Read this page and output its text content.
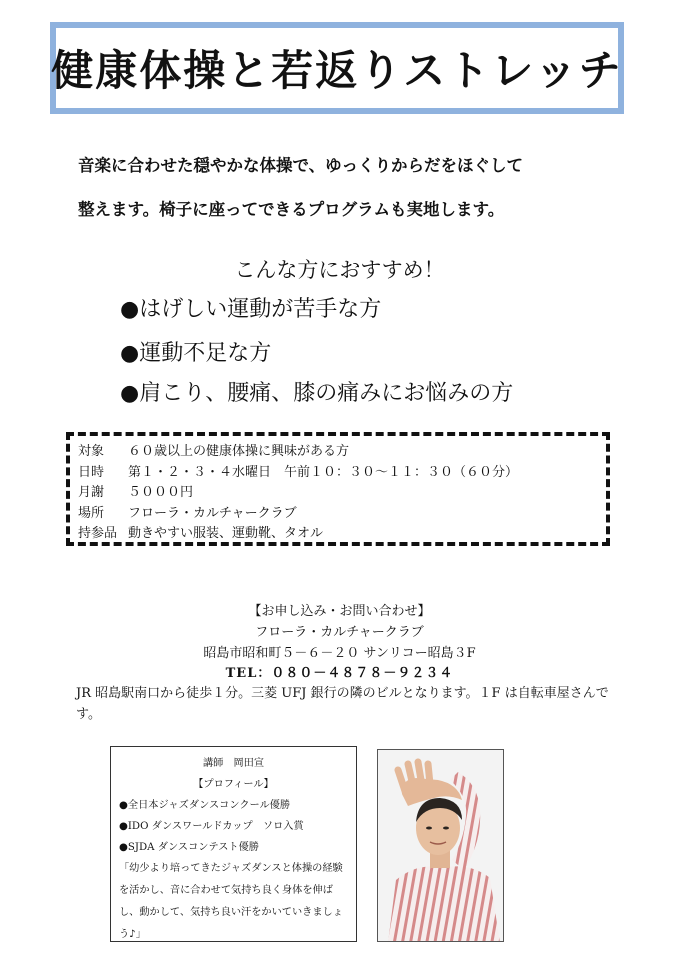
健康体操と若返りストレッチ
音楽に合わせた穏やかな体操で、ゆっくりからだをほぐして
整えます。椅子に座ってできるプログラムも実地します。
こんな方におすすめ！
●はげしい運動が苦手な方
●運動不足な方
●肩こり、腰痛、膝の痛みにお悩みの方
対象 ６０歳以上の健康体操に興味がある方
日時 第１・２・３・４水曜日　午前１０：３０〜１１：３０（６０分）
月謝 ５０００円
場所 フローラ・カルチャークラブ
持参品 動きやすい服装、運動靴、タオル
【お申し込み・お問い合わせ】
フローラ・カルチャークラブ
昭島市昭和町５－６－２０ サンリコー昭島３F
TEL：０８０－４８７８－９２３４
JR 昭島駅南口から徒歩１分。三菱 UFJ 銀行の隣のビルとなります。１F は自転車屋さんです。
講師　岡田宣
【プロフィール】
●全日本ジャズダンスコンクール優勝
●IDO ダンスワールドカップ　ソロ入賞
●SJDA ダンスコンテスト優勝
「幼少より培ってきたジャズダンスと体操の経験を活かし、音に合わせて気持ち良く身体を伸ばし、動かして、気持ち良い汗をかいていきましょう♪」
